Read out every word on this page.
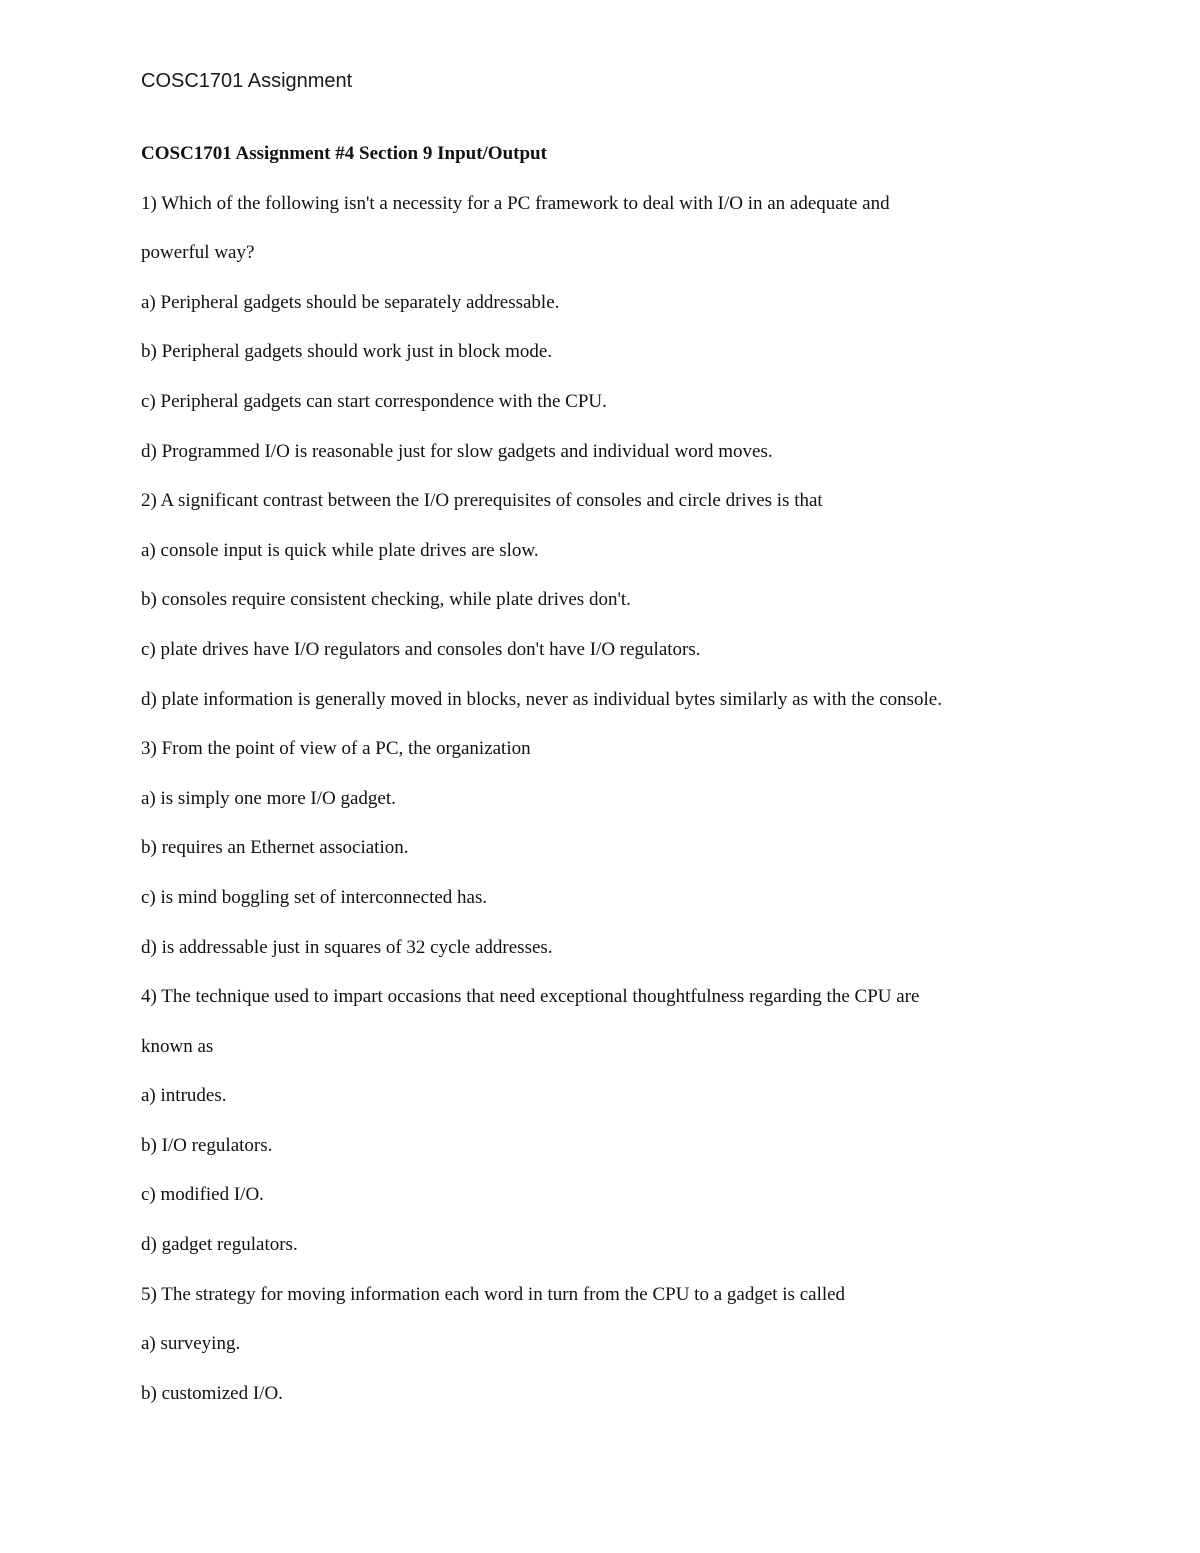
COSC1701 Assignment
COSC1701 Assignment #4 Section 9 Input/Output
1) Which of the following isn't a necessity for a PC framework to deal with I/O in an adequate and
powerful way?
a) Peripheral gadgets should be separately addressable.
b) Peripheral gadgets should work just in block mode.
c) Peripheral gadgets can start correspondence with the CPU.
d) Programmed I/O is reasonable just for slow gadgets and individual word moves.
2) A significant contrast between the I/O prerequisites of consoles and circle drives is that
a) console input is quick while plate drives are slow.
b) consoles require consistent checking, while plate drives don't.
c) plate drives have I/O regulators and consoles don't have I/O regulators.
d) plate information is generally moved in blocks, never as individual bytes similarly as with the console.
3) From the point of view of a PC, the organization
a) is simply one more I/O gadget.
b) requires an Ethernet association.
c) is mind boggling set of interconnected has.
d) is addressable just in squares of 32 cycle addresses.
4) The technique used to impart occasions that need exceptional thoughtfulness regarding the CPU are
known as
a) intrudes.
b) I/O regulators.
c) modified I/O.
d) gadget regulators.
5) The strategy for moving information each word in turn from the CPU to a gadget is called
a) surveying.
b) customized I/O.
